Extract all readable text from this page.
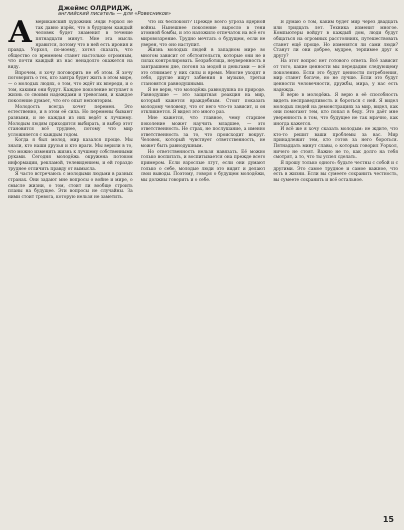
Джеймс ОЛДРИДЖ,
английский писатель — для «Ровесников»

Американский художник Энди Уорхол не так давно изрёк, что в будущем каждый человек будет знаменит в течение пятнадцати минут. Мне эта мысль нравится, потому что в ней есть ирония и правда. Уорхол, по-моему, хотел сказать, что общество со временем станет настолько огромным, что почти каждый из нас ненадолго окажется на виду.

Впрочем, я хочу поговорить не об этом. Я хочу поговорить о тех, кто завтра будет жить в этом мире, — о молодых людях, о том, что ждёт их впереди, и о том, какими они будут. Каждое поколение вступает в жизнь со своими надеждами и тревогами, и каждое поколение думает, что его опыт неповторим.

Молодость всегда хочет перемен. Это естественно, и в этом её сила. Но перемены бывают разными, и не каждая из них ведёт к лучшему. Молодым людям приходится выбирать, и выбор этот становится всё труднее, потому что мир усложняется с каждым годом.

Когда я был молод, мир казался проще. Мы знали, кто наши друзья и кто враги. Мы верили в то, что можно изменить жизнь к лучшему собственными руками. Сегодня молодёжь окружена потоком информации, рекламой, телевидением, и ей гораздо труднее отличить правду от вымысла.

Я часто встречаюсь с молодыми людьми в разных странах. Они задают мне вопросы о войне и мире, о смысле жизни, о том, стоит ли вообще строить планы на будущее. Эти вопросы не случайны. За ними стоит тревога, которую нельзя не заметить.

Что их беспокоит? Прежде всего угроза ядерной войны. Нынешнее поколение выросло в тени атомной бомбы, и это наложило отпечаток на всё его мировоззрение. Трудно мечтать о будущем, если не уверен, что оно наступит.

Жизнь молодых людей в западном мире во многом зависит от обстоятельств, которые они не в силах контролировать. Безработица, неуверенность в завтрашнем дне, погоня за модой и деньгами — всё это отнимает у них силы и время. Многие уходят в себя, другие ищут забвения в музыке, третьи становятся равнодушными.

Я не верю, что молодёжь равнодушна по природе. Равнодушие — это защитная реакция на мир, который кажется враждебным. Стоит показать молодому человеку, что от него что-то зависит, и он откликнется. Я видел это много раз.

Мне кажется, что главное, чему старшее поколение может научить младшее, — это ответственность. Не страх, не послушание, а именно ответственность за то, что происходит вокруг. Человек, который чувствует ответственность, не может быть равнодушным.

Но ответственность нельзя навязать. Её можно только воспитать, и воспитывается она прежде всего примером. Если взрослые лгут, если они думают только о себе, молодые люди это видят и делают свои выводы. Поэтому, говоря о будущем молодёжи, мы должны говорить и о себе.

Я думаю о том, каким будет мир через двадцать или тридцать лет. Техника изменит многое. Компьютеры войдут в каждый дом, люди будут общаться на огромных расстояниях, путешествовать станет ещё проще. Но изменятся ли сами люди? Станут ли они добрее, мудрее, терпимее друг к другу?

На этот вопрос нет готового ответа. Всё зависит от того, какие ценности мы передадим следующему поколению. Если это будут ценности потребления, мир станет богаче, но не лучше. Если это будут ценности человечности, дружбы, мира, у нас есть надежда.

Я верю в молодёжь. Я верю в её способность видеть несправедливость и бороться с ней. Я видел молодых людей на демонстрациях за мир, видел, как они помогают тем, кто попал в беду. Это даёт мне уверенность в том, что будущее не так мрачно, как иногда кажется.

И всё же я хочу сказать молодым: не ждите, что кто-то решит ваши проблемы за вас. Мир принадлежит тем, кто готов за него бороться. Пятнадцать минут славы, о которых говорил Уорхол, ничего не стоят. Важно не то, как долго на тебя смотрят, а то, что ты успел сделать.

Я прошу только одного: будьте честны с собой и с другими. Это самое трудное и самое важное, что есть в жизни. Если вы сумеете сохранить честность, вы сумеете сохранить и всё остальное.

15
